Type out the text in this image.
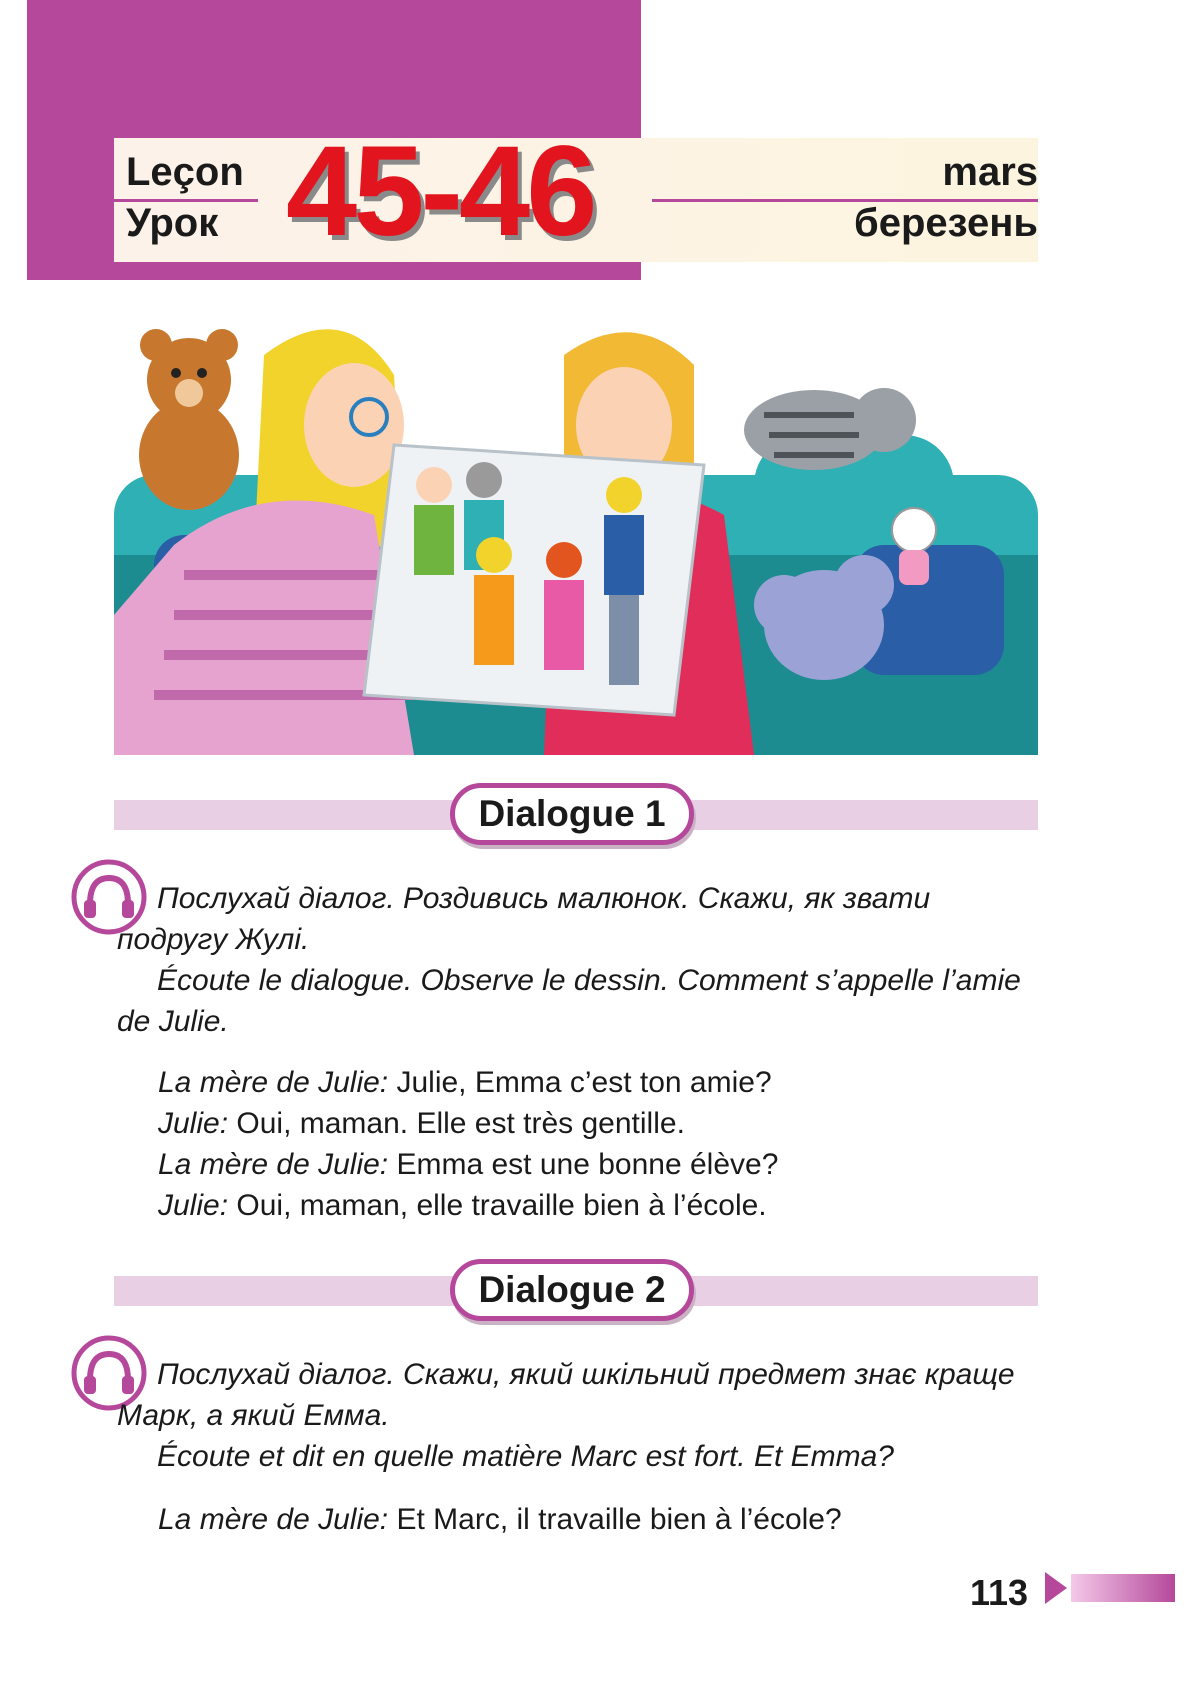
Leçon
Урок 45-46	mars
березень
Dialogue 1

Послухай діалог. Роздивись малюнок. Скажи, як звати подругу Жулі.

Écoute le dialogue. Observe le dessin. Comment s’appelle l’amie de Julie.

La mère de Julie: Julie, Emma c’est ton amie?

Julie: Oui, maman. Elle est très gentille.

La mère de Julie: Emma est une bonne élève?

Julie: Oui, maman, elle travaille bien à l’école.

Dialogue 2

Послухай діалог. Скажи, який шкільний предмет знає краще Марк, а який Емма.

Écoute et dit en quelle matière Marc est fort. Et Emma?

La mère de Julie: Et Marc, il travaille bien à l’école?

113
